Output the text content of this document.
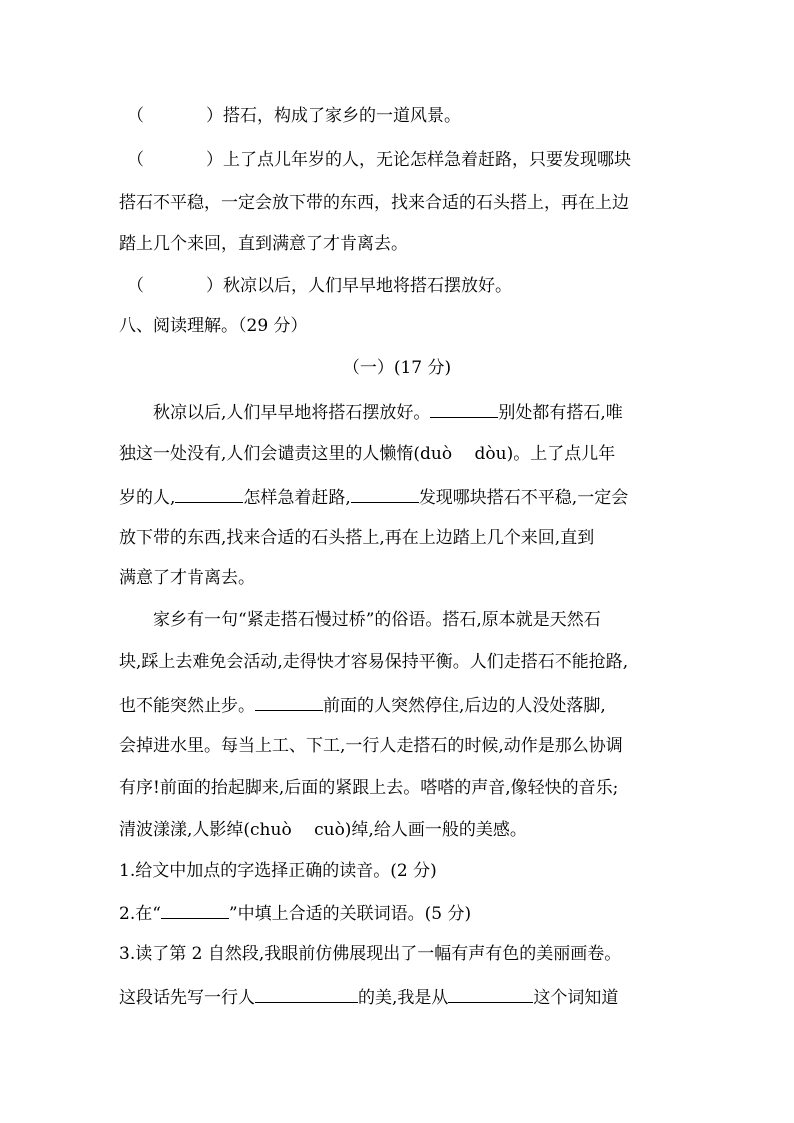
（	）搭石，构成了家乡的一道风景。
（	）上了点儿年岁的人，无论怎样急着赶路，只要发现哪块
搭石不平稳，一定会放下带的东西，找来合适的石头搭上，再在上边
踏上几个来回，直到满意了才肯离去。
（	）秋凉以后，人们早早地将搭石摆放好。
八、阅读理解。（29 分）
（一）(17 分)
秋凉以后,人们早早地将搭石摆放好。	别处都有搭石,唯
独这一处没有,人们会谴责这里的人懒惰(duò　 dòu)。上了点儿年
岁的人,	怎样急着赶路,	发现哪块搭石不平稳,一定会
放下带的东西,找来合适的石头搭上,再在上边踏上几个来回,直到
满意了才肯离去。
家乡有一句“紧走搭石慢过桥”的俗语。搭石,原本就是天然石
块,踩上去难免会活动,走得快才容易保持平衡。人们走搭石不能抢路,
也不能突然止步。	前面的人突然停住,后边的人没处落脚,
会掉进水里。每当上工、下工,一行人走搭石的时候,动作是那么协调
有序!前面的抬起脚来,后面的紧跟上去。嗒嗒的声音,像轻快的音乐;
清波漾漾,人影绰(chuò　 cuò)绰,给人画一般的美感。
1.给文中加点的字选择正确的读音。(2 分)
2.在“	”中填上合适的关联词语。(5 分)
3.读了第 2 自然段,我眼前仿佛展现出了一幅有声有色的美丽画卷。
这段话先写一行人	的美,我是从	这个词知道
